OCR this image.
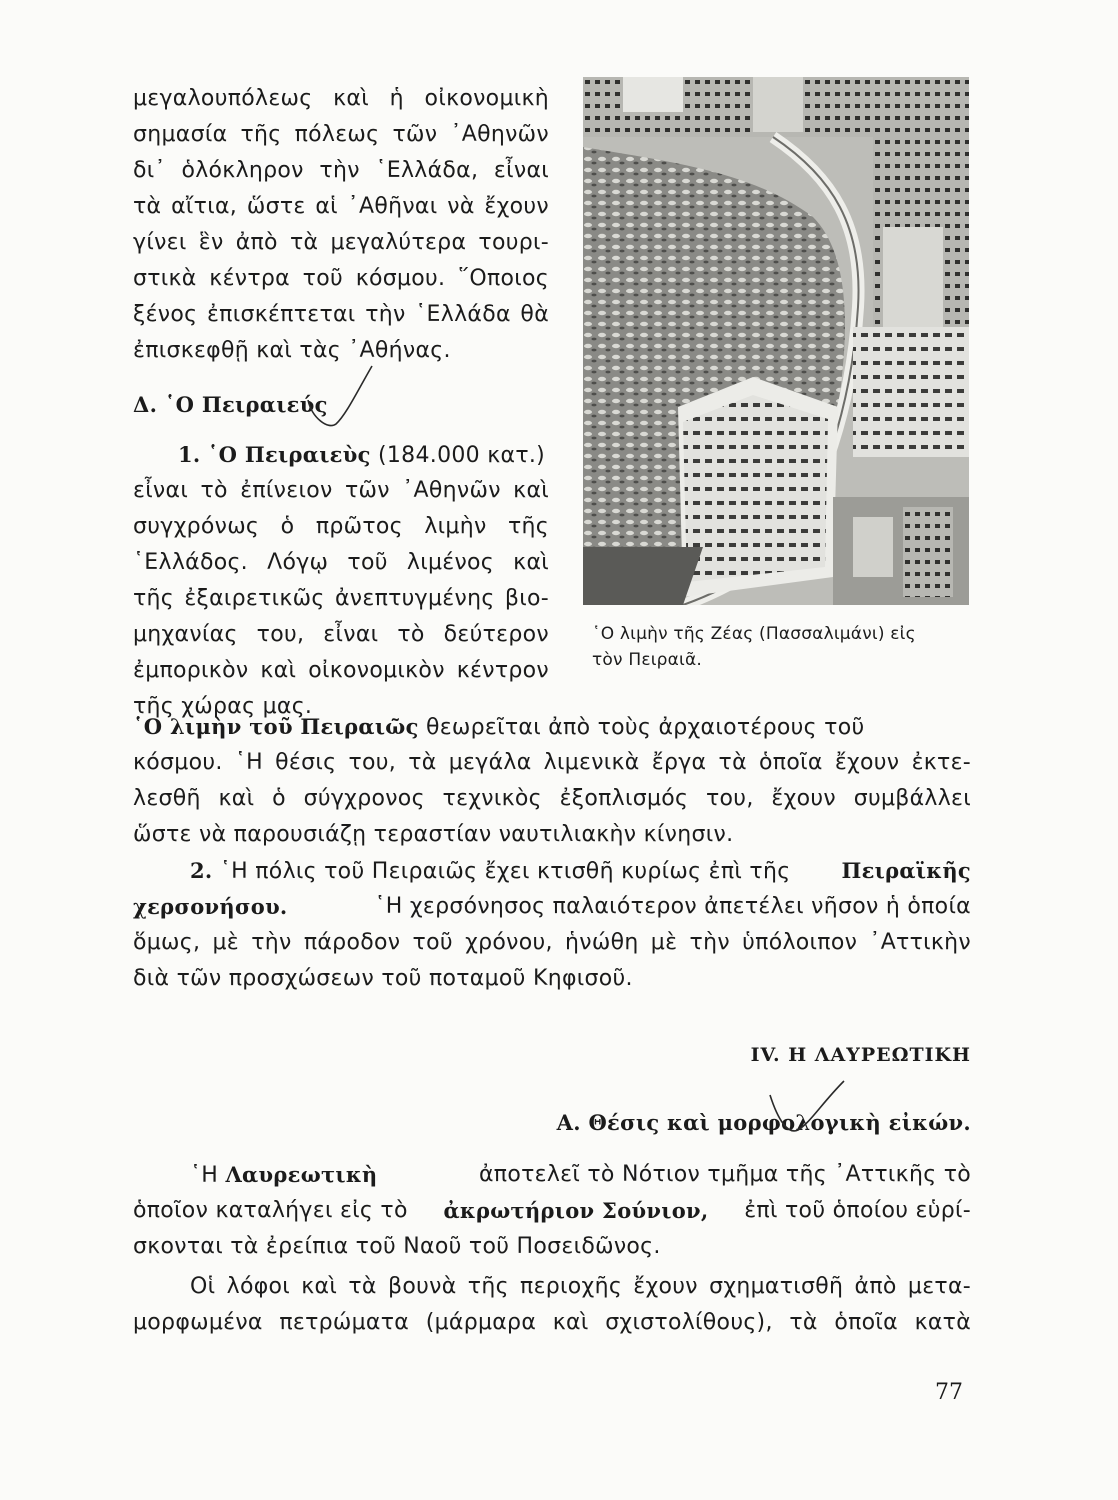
μεγαλουπόλεως καὶ ἡ οἰκονομικὴ
σημασία τῆς πόλεως τῶν ᾿Αθηνῶν
δι᾿ ὁλόκληρον τὴν ῾Ελλάδα, εἶναι
τὰ αἴτια, ὥστε αἱ ᾿Αθῆναι νὰ ἔχουν
γίνει ἓν ἀπὸ τὰ μεγαλύτερα τουρι-
στικὰ κέντρα τοῦ κόσμου. ῞Οποιος
ξένος ἐπισκέπτεται τὴν ῾Ελλάδα θὰ
ἐπισκεφθῇ καὶ τὰς ᾿Αθήνας.
Δ. ῾Ο Πειραιεύς
1. ῾Ο Πειραιεὺς (184.000 κατ.)
εἶναι τὸ ἐπίνειον τῶν ᾿Αθηνῶν καὶ
συγχρόνως ὁ πρῶτος λιμὴν τῆς
῾Ελλάδος. Λόγῳ τοῦ λιμένος καὶ
τῆς ἐξαιρετικῶς ἀνεπτυγμένης βιο-
μηχανίας του, εἶναι τὸ δεύτερον
ἐμπορικὸν καὶ οἰκονομικὸν κέντρον
τῆς χώρας μας.
῾Ο λιμὴν τῆς Ζέας (Πασσαλιμάνι) εἰς
τὸν Πειραιᾶ.
῾Ο λιμὴν τοῦ Πειραιῶς θεωρεῖται ἀπὸ τοὺς ἀρχαιοτέρους τοῦ
κόσμου. ῾Η θέσις του, τὰ μεγάλα λιμενικὰ ἔργα τὰ ὁποῖα ἔχουν ἐκτε-
λεσθῆ καὶ ὁ σύγχρονος τεχνικὸς ἐξοπλισμός του, ἔχουν συμβάλλει
ὥστε νὰ παρουσιάζῃ τεραστίαν ναυτιλιακὴν κίνησιν.
2. ῾Η πόλις τοῦ Πειραιῶς ἔχει κτισθῆ κυρίως ἐπὶ τῆς Πειραϊκῆς
χερσονήσου.	῾Η χερσόνησος παλαιότερον ἀπετέλει νῆσον ἡ ὁποία
ὅμως, μὲ τὴν πάροδον τοῦ χρόνου, ἡνώθη μὲ τὴν ὑπόλοιπον ᾿Αττικὴν
διὰ τῶν προσχώσεων τοῦ ποταμοῦ Κηφισοῦ.
IV. Η ΛΑΥΡΕΩΤΙΚΗ
Α. Θέσις καὶ μορφολογικὴ εἰκών.
῾Η Λαυρεωτικὴ	ἀποτελεῖ τὸ Νότιον τμῆμα τῆς ᾿Αττικῆς τὸ
ὁποῖον καταλήγει εἰς τὸ ἀκρωτήριον Σούνιον, ἐπὶ τοῦ ὁποίου εὑρί-
σκονται τὰ ἐρείπια τοῦ Ναοῦ τοῦ Ποσειδῶνος.
Οἱ λόφοι καὶ τὰ βουνὰ τῆς περιοχῆς ἔχουν σχηματισθῆ ἀπὸ μετα-
μορφωμένα πετρώματα (μάρμαρα καὶ σχιστολίθους), τὰ ὁποῖα κατὰ
77
